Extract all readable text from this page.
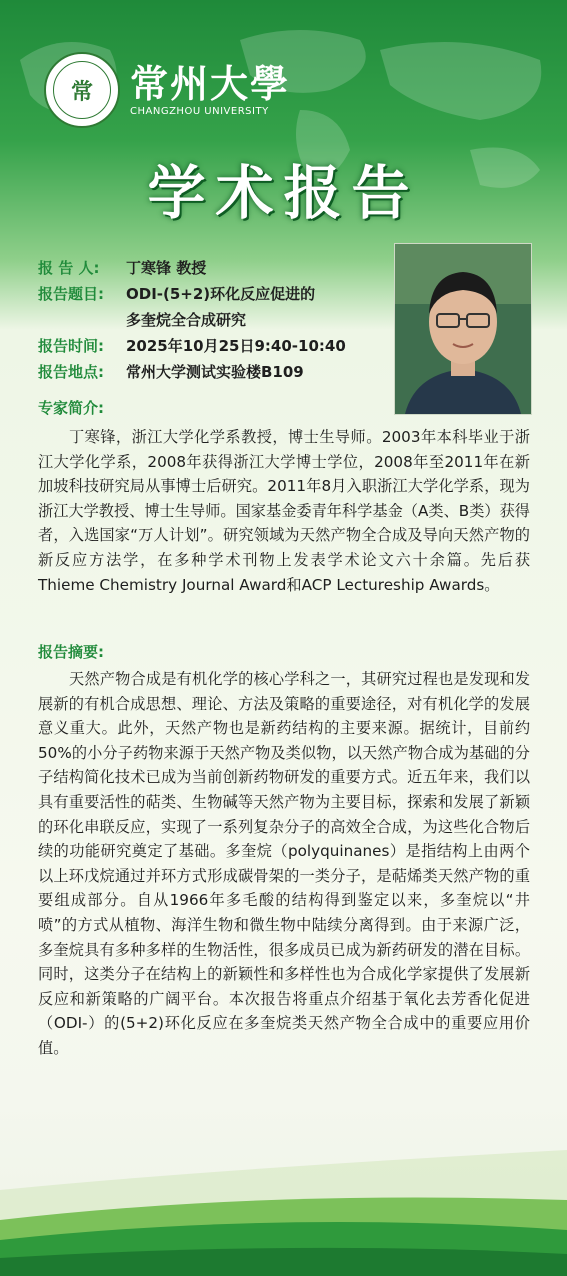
常 常州大學
CHANGZHOU UNIVERSITY
学术报告
报 告 人:	丁寒锋 教授
报告题目:	ODI-(5+2)环化反应促进的
多奎烷全合成研究
报告时间:	2025年10月25日9:40-10:40
报告地点:	常州大学测试实验楼B109
专家简介:
丁寒锋，浙江大学化学系教授，博士生导师。2003年本科毕业于浙江大学化学系，2008年获得浙江大学博士学位，2008年至2011年在新加坡科技研究局从事博士后研究。2011年8月入职浙江大学化学系，现为浙江大学教授、博士生导师。国家基金委青年科学基金（A类、B类）获得者，入选国家“万人计划”。研究领域为天然产物全合成及导向天然产物的新反应方法学，在多种学术刊物上发表学术论文六十余篇。先后获Thieme Chemistry Journal Award和ACP Lectureship Awards。
报告摘要:
天然产物合成是有机化学的核心学科之一，其研究过程也是发现和发展新的有机合成思想、理论、方法及策略的重要途径，对有机化学的发展意义重大。此外，天然产物也是新药结构的主要来源。据统计，目前约50%的小分子药物来源于天然产物及类似物，以天然产物合成为基础的分子结构简化技术已成为当前创新药物研发的重要方式。近五年来，我们以具有重要活性的萜类、生物碱等天然产物为主要目标，探索和发展了新颖的环化串联反应，实现了一系列复杂分子的高效全合成，为这些化合物后续的功能研究奠定了基础。多奎烷（polyquinanes）是指结构上由两个以上环戊烷通过并环方式形成碳骨架的一类分子，是萜烯类天然产物的重要组成部分。自从1966年多毛酸的结构得到鉴定以来，多奎烷以“井喷”的方式从植物、海洋生物和微生物中陆续分离得到。由于来源广泛，多奎烷具有多种多样的生物活性，很多成员已成为新药研发的潜在目标。同时，这类分子在结构上的新颖性和多样性也为合成化学家提供了发展新反应和新策略的广阔平台。本次报告将重点介绍基于氧化去芳香化促进（ODI-）的(5+2)环化反应在多奎烷类天然产物全合成中的重要应用价值。
